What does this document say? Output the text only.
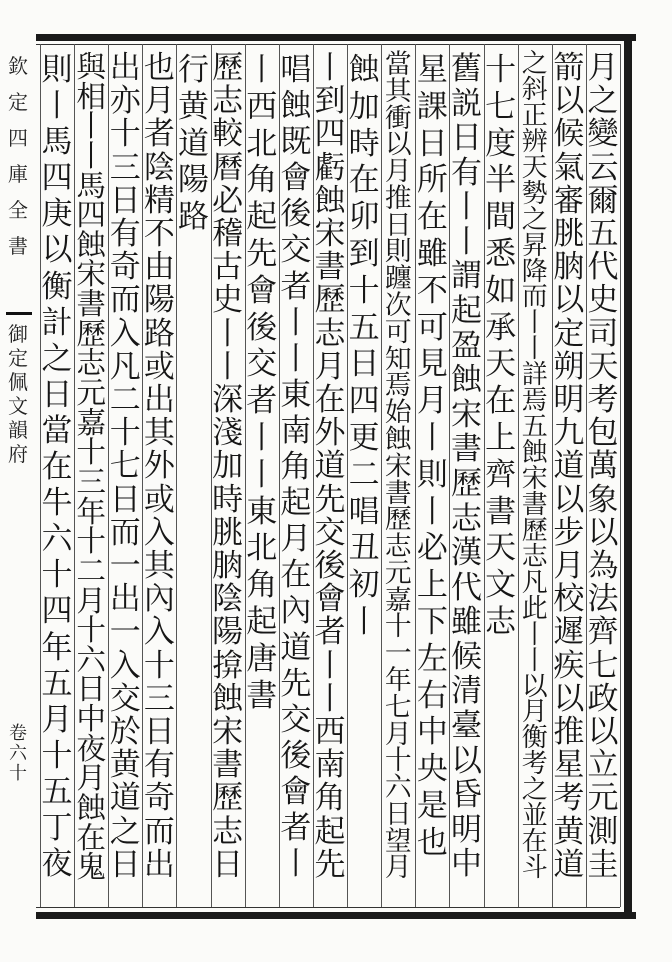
欽定四庫全書
御定佩文韻府
卷六十
月
之
變
云
爾
五
代
史
司
天
考
包
萬
象
以
為
法
齊
七
政
以
立
元
測
圭
箭
以
候
氣
審
朓
朒
以
定
朔
明
九
道
以
步
月
校
遲
疾
以
推
星
考
黄
道
之
斜
正
辨
天
勢
之
昇
降
而
丨
丨
詳
焉
五
蝕
宋
書
歷
志
凡
此
丨
丨
以
月
衡
考
之
並
在
斗
十
七
度
半
間
悉
如
承
天
在
上
齊
書
天
文
志
舊
説
日
有
丨
丨
謂
起
盈
蝕
宋
書
歷
志
漢
代
雖
候
清
臺
以
昏
明
中
星
課
日
所
在
雖
不
可
見
月
丨
則
丨
必
上
下
左
右
中
央
是
也
當
其
衝
以
月
推
日
則
躔
次
可
知
焉
始
蝕
宋
書
歷
志
元
嘉
十
一
年
七
月
十
六
日
望
月
蝕
加
時
在
卯
到
十
五
日
四
更
二
唱
丑
初
丨
丨
到
四
虧
蝕
宋
書
歷
志
月
在
外
道
先
交
後
會
者
丨
丨
西
南
角
起
先
唱
蝕
既
會
後
交
者
丨
丨
東
南
角
起
月
在
內
道
先
交
後
會
者
丨
丨
西
北
角
起
先
會
後
交
者
丨
丨
東
北
角
起
唐
書
歷
志
較
曆
必
稽
古
史
丨
丨
深
淺
加
時
朓
朒
陰
陽
揜
蝕
宋
書
歷
志
日
行
黄
道
陽
路
也
月
者
陰
精
不
由
陽
路
或
出
其
外
或
入
其
內
入
十
三
日
有
奇
而
出
出
亦
十
三
日
有
奇
而
入
凡
二
十
七
日
而
一
出
一
入
交
於
黄
道
之
日
與
相
丨
丨
馬
四
蝕
宋
書
歷
志
元
嘉
十
三
年
十
二
月
十
六
日
中
夜
月
蝕
在
鬼
則
丨
馬
四
庚
以
衡
計
之
日
當
在
牛
六
十
四
年
五
月
十
五
丁
夜
